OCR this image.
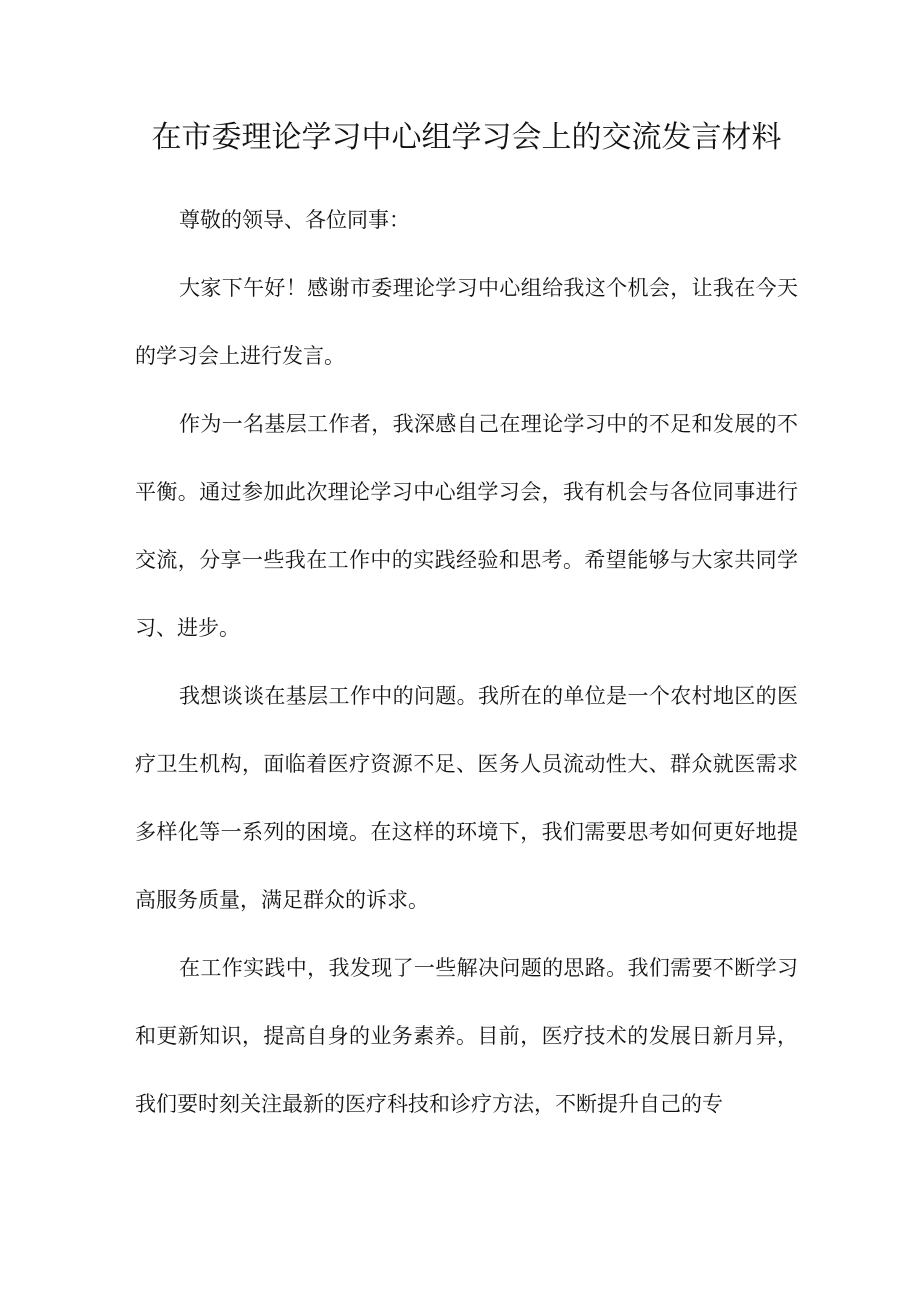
在市委理论学习中心组学习会上的交流发言材料

尊敬的领导、各位同事：

大家下午好！感谢市委理论学习中心组给我这个机会，让我在今天的学习会上进行发言。

作为一名基层工作者，我深感自己在理论学习中的不足和发展的不平衡。通过参加此次理论学习中心组学习会，我有机会与各位同事进行交流，分享一些我在工作中的实践经验和思考。希望能够与大家共同学习、进步。

我想谈谈在基层工作中的问题。我所在的单位是一个农村地区的医疗卫生机构，面临着医疗资源不足、医务人员流动性大、群众就医需求多样化等一系列的困境。在这样的环境下，我们需要思考如何更好地提高服务质量，满足群众的诉求。

在工作实践中，我发现了一些解决问题的思路。我们需要不断学习和更新知识，提高自身的业务素养。目前，医疗技术的发展日新月异，我们要时刻关注最新的医疗科技和诊疗方法，不断提升自己的专
